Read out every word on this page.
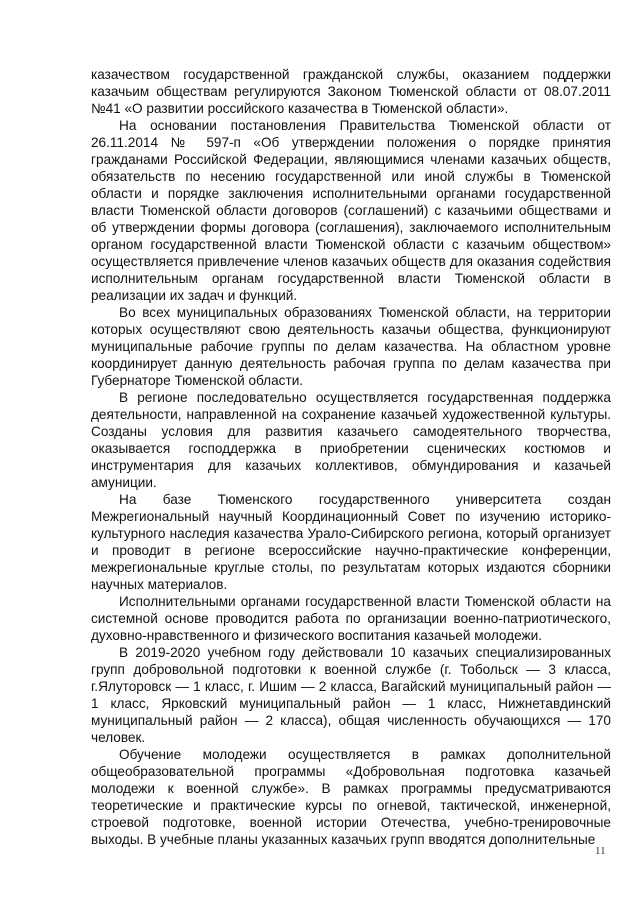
казачеством государственной гражданской службы, оказанием поддержки казачьим обществам регулируются Законом Тюменской области от 08.07.2011 №41 «О развитии российского казачества в Тюменской области».

На основании постановления Правительства Тюменской области от 26.11.2014 № 597-п «Об утверждении положения о порядке принятия гражданами Российской Федерации, являющимися членами казачьих обществ, обязательств по несению государственной или иной службы в Тюменской области и порядке заключения исполнительными органами государственной власти Тюменской области договоров (соглашений) с казачьими обществами и об утверждении формы договора (соглашения), заключаемого исполнительным органом государственной власти Тюменской области с казачьим обществом» осуществляется привлечение членов казачьих обществ для оказания содействия исполнительным органам государственной власти Тюменской области в реализации их задач и функций.

Во всех муниципальных образованиях Тюменской области, на территории которых осуществляют свою деятельность казачьи общества, функционируют муниципальные рабочие группы по делам казачества. На областном уровне координирует данную деятельность рабочая группа по делам казачества при Губернаторе Тюменской области.

В регионе последовательно осуществляется государственная поддержка деятельности, направленной на сохранение казачьей художественной культуры. Созданы условия для развития казачьего самодеятельного творчества, оказывается господдержка в приобретении сценических костюмов и инструментария для казачьих коллективов, обмундирования и казачьей амуниции.

На базе Тюменского государственного университета создан Межрегиональный научный Координационный Совет по изучению историко-культурного наследия казачества Урало-Сибирского региона, который организует и проводит в регионе всероссийские научно-практические конференции, межрегиональные круглые столы, по результатам которых издаются сборники научных материалов.

Исполнительными органами государственной власти Тюменской области на системной основе проводится работа по организации военно-патриотического, духовно-нравственного и физического воспитания казачьей молодежи.

В 2019-2020 учебном году действовали 10 казачьих специализированных групп добровольной подготовки к военной службе (г. Тобольск — 3 класса, г.Ялуторовск — 1 класс, г. Ишим — 2 класса, Вагайский муниципальный район — 1 класс, Ярковский муниципальный район — 1 класс, Нижнетавдинский муниципальный район — 2 класса), общая численность обучающихся — 170 человек.

Обучение молодежи осуществляется в рамках дополнительной общеобразовательной программы «Добровольная подготовка казачьей молодежи к военной службе». В рамках программы предусматриваются теоретические и практические курсы по огневой, тактической, инженерной, строевой подготовке, военной истории Отечества, учебно-тренировочные выходы. В учебные планы указанных казачьих групп вводятся дополнительные

11
